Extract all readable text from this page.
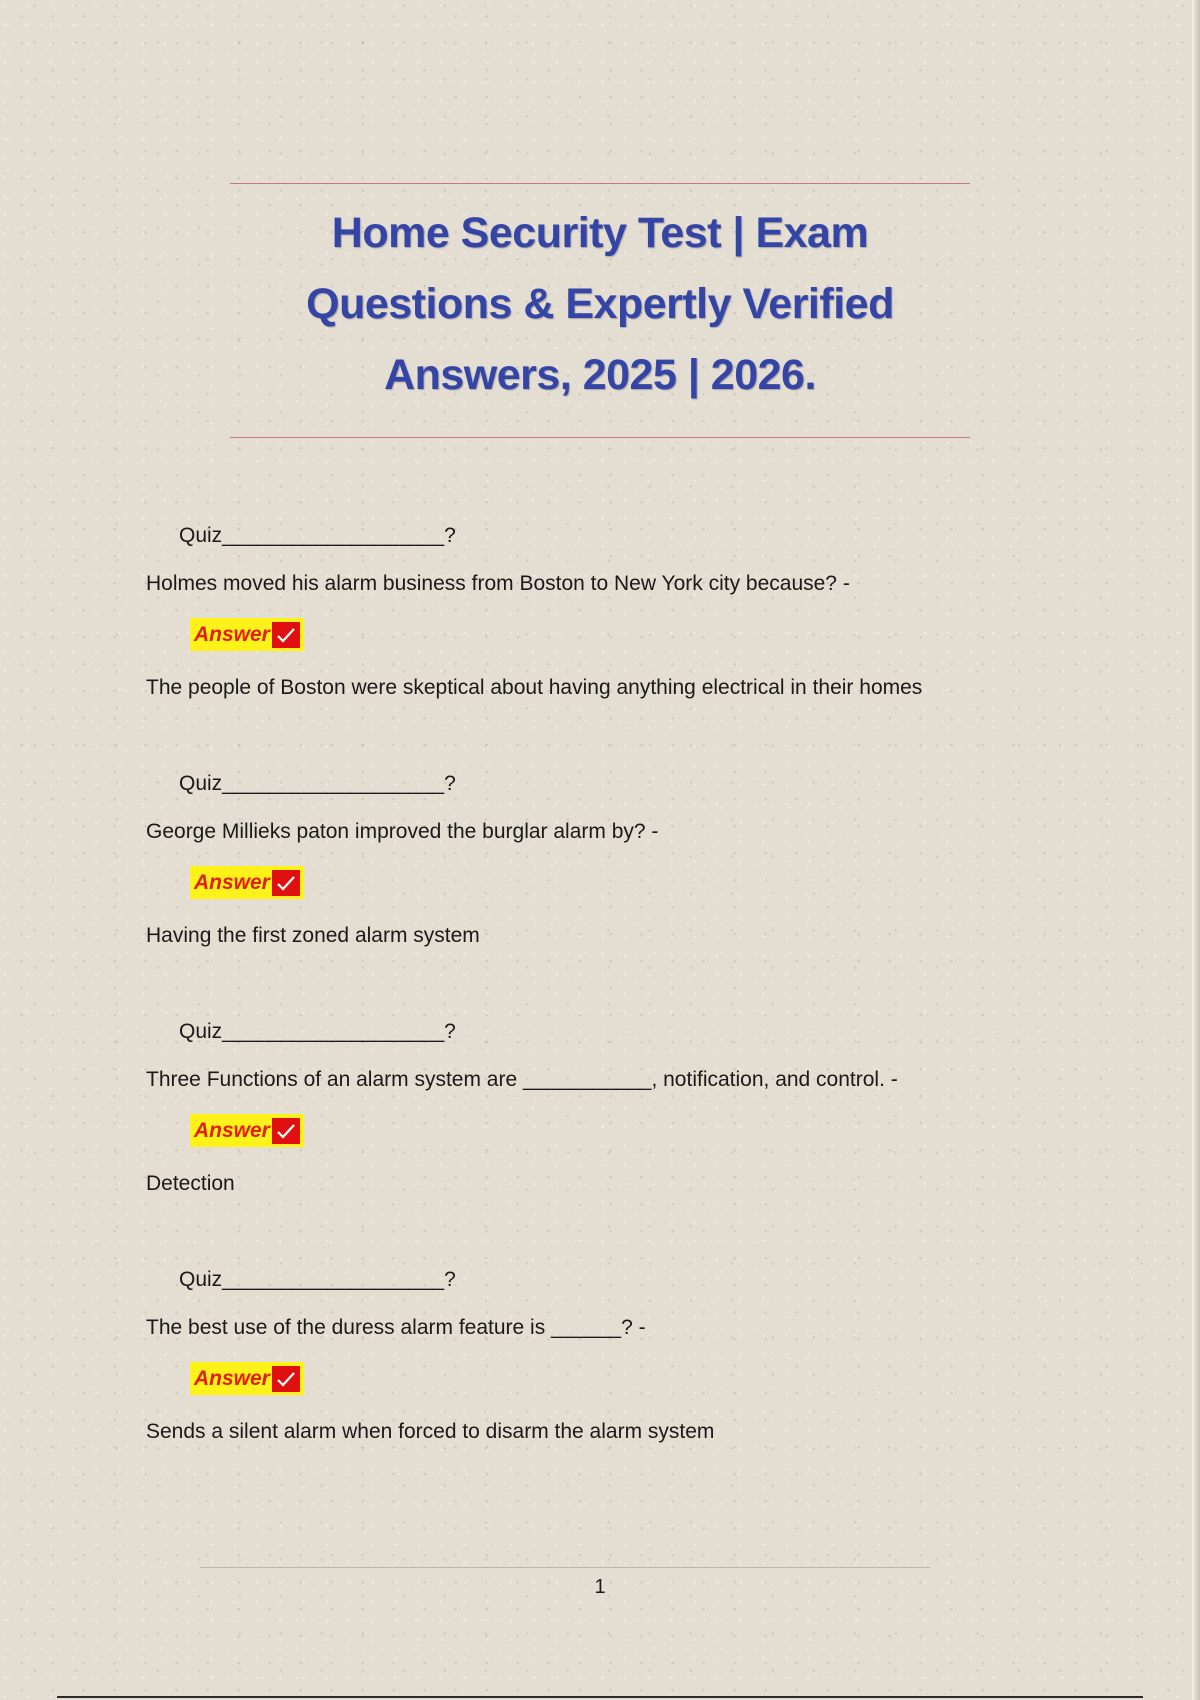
Home Security Test | Exam
Questions & Expertly Verified
Answers, 2025 | 2026.
Quiz___________________?
Holmes moved his alarm business from Boston to New York city because? -
Answer
The people of Boston were skeptical about having anything electrical in their homes
Quiz___________________?
George Millieks paton improved the burglar alarm by? -
Answer
Having the first zoned alarm system
Quiz___________________?
Three Functions of an alarm system are ___________, notification, and control. -
Answer
Detection
Quiz___________________?
The best use of the duress alarm feature is ______? -
Answer
Sends a silent alarm when forced to disarm the alarm system
1
